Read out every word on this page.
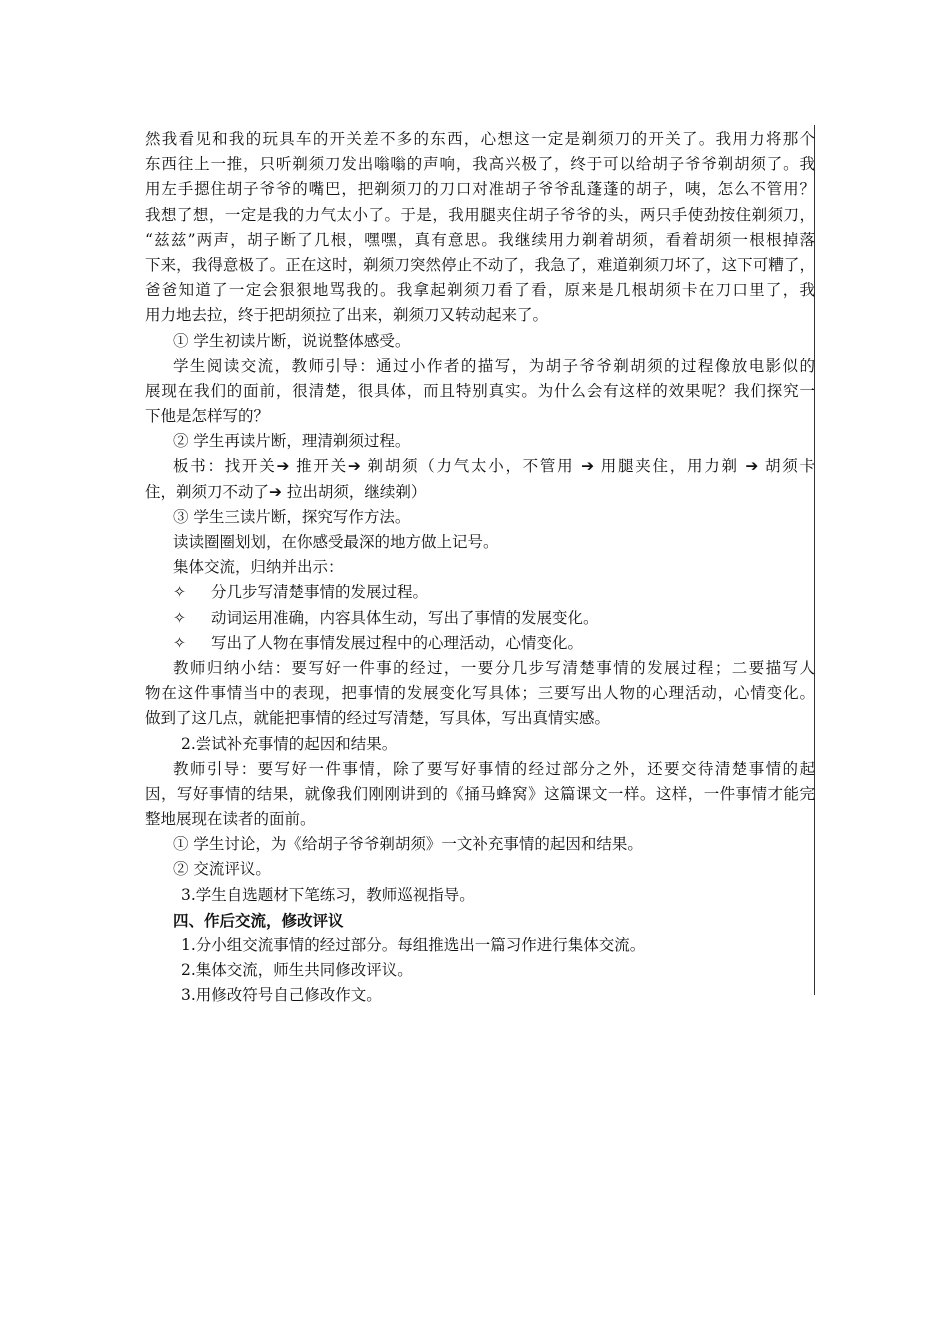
然我看见和我的玩具车的开关差不多的东西，心想这一定是剃须刀的开关了。我用力将那个
东西往上一推，只听剃须刀发出嗡嗡的声响，我高兴极了，终于可以给胡子爷爷剃胡须了。我
用左手摁住胡子爷爷的嘴巴，把剃须刀的刀口对准胡子爷爷乱蓬蓬的胡子，咦，怎么不管用？
我想了想，一定是我的力气太小了。于是，我用腿夹住胡子爷爷的头，两只手使劲按住剃须刀，
“兹兹”两声，胡子断了几根，嘿嘿，真有意思。我继续用力剃着胡须，看着胡须一根根掉落
下来，我得意极了。正在这时，剃须刀突然停止不动了，我急了，难道剃须刀坏了，这下可糟了，
爸爸知道了一定会狠狠地骂我的。我拿起剃须刀看了看，原来是几根胡须卡在刀口里了，我
用力地去拉，终于把胡须拉了出来，剃须刀又转动起来了。
① 学生初读片断，说说整体感受。
学生阅读交流，教师引导：通过小作者的描写，为胡子爷爷剃胡须的过程像放电影似的
展现在我们的面前，很清楚，很具体，而且特别真实。为什么会有这样的效果呢？我们探究一
下他是怎样写的？
② 学生再读片断，理清剃须过程。
板书：找开关➔ 推开关➔ 剃胡须（力气太小，不管用 ➔ 用腿夹住，用力剃 ➔ 胡须卡
住，剃须刀不动了➔ 拉出胡须，继续剃）
③ 学生三读片断，探究写作方法。
读读圈圈划划，在你感受最深的地方做上记号。
集体交流，归纳并出示：
✧ 分几步写清楚事情的发展过程。
✧ 动词运用准确，内容具体生动，写出了事情的发展变化。
✧ 写出了人物在事情发展过程中的心理活动，心情变化。
教师归纳小结：要写好一件事的经过，一要分几步写清楚事情的发展过程；二要描写人
物在这件事情当中的表现，把事情的发展变化写具体；三要写出人物的心理活动，心情变化。
做到了这几点，就能把事情的经过写清楚，写具体，写出真情实感。
2.尝试补充事情的起因和结果。
教师引导：要写好一件事情，除了要写好事情的经过部分之外，还要交待清楚事情的起
因，写好事情的结果，就像我们刚刚讲到的《捅马蜂窝》这篇课文一样。这样，一件事情才能完
整地展现在读者的面前。
① 学生讨论，为《给胡子爷爷剃胡须》一文补充事情的起因和结果。
② 交流评议。
3.学生自选题材下笔练习，教师巡视指导。
四、作后交流，修改评议
1.分小组交流事情的经过部分。每组推选出一篇习作进行集体交流。
2.集体交流，师生共同修改评议。
3.用修改符号自己修改作文。
